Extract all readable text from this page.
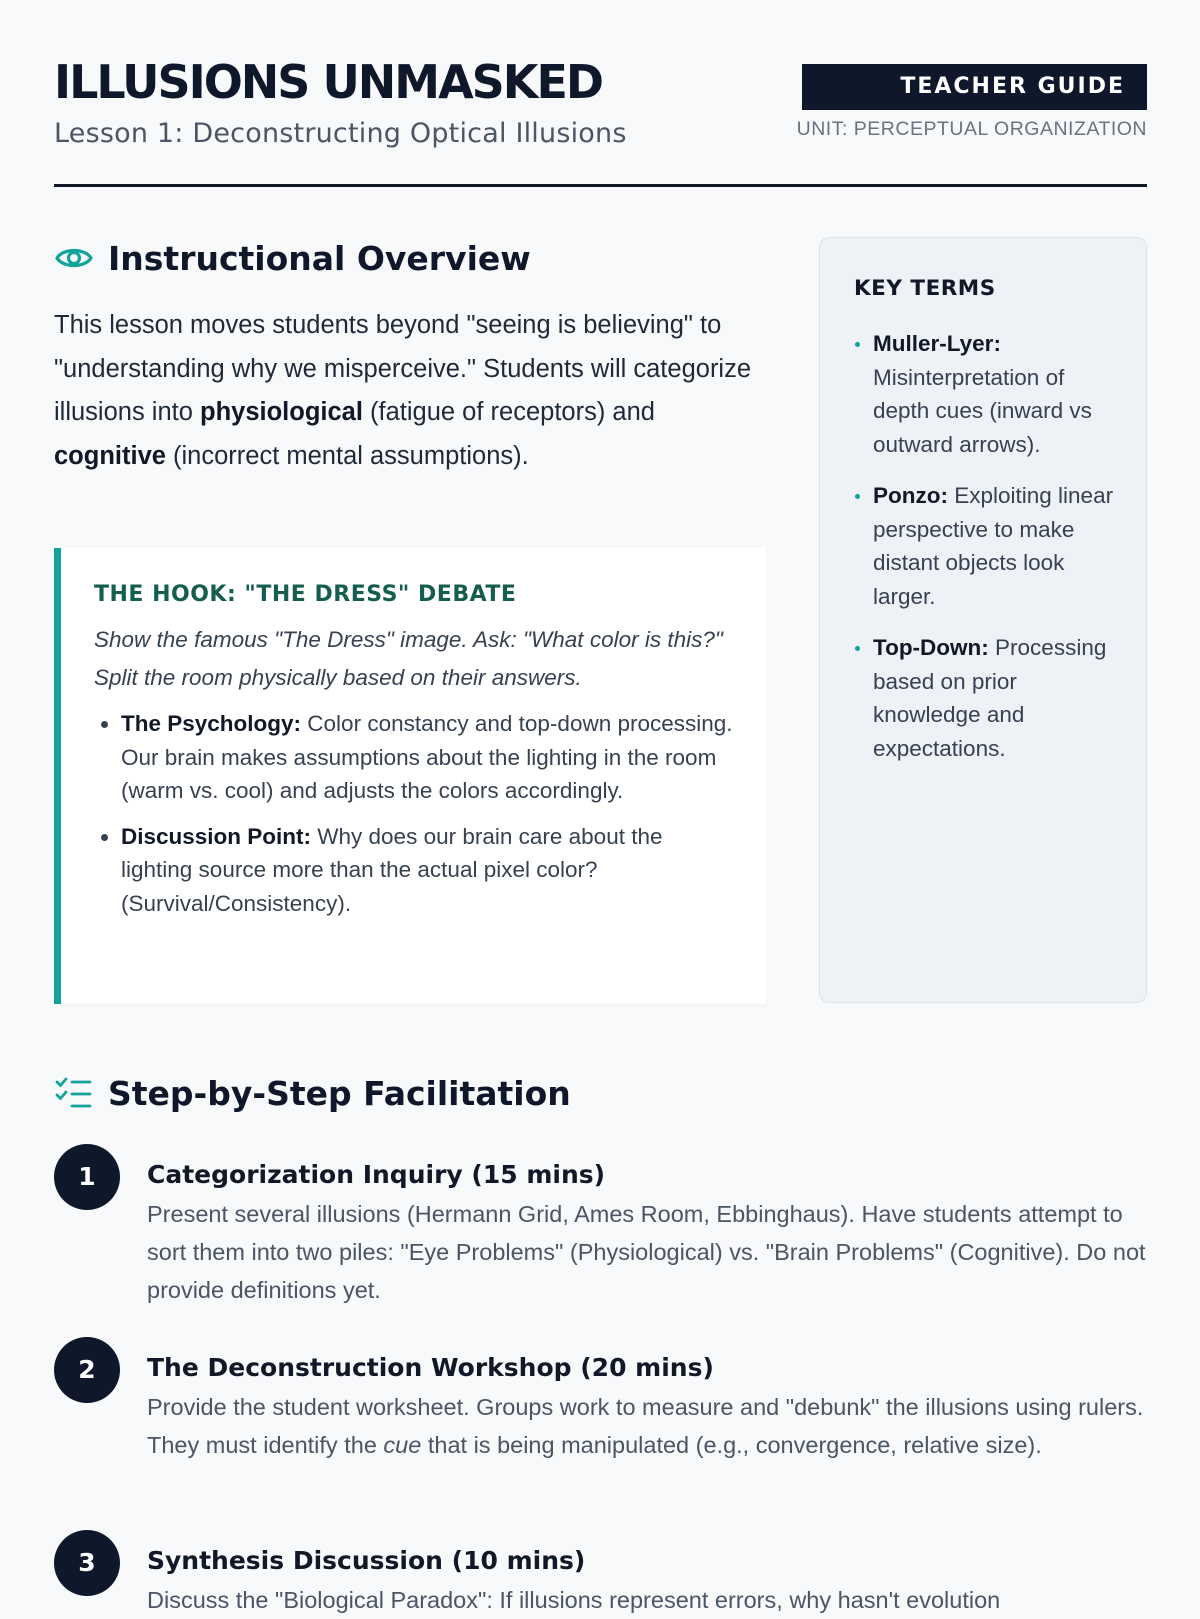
ILLUSIONS UNMASKED
Lesson 1: Deconstructing Optical Illusions
TEACHER GUIDE
UNIT: PERCEPTUAL ORGANIZATION
Instructional Overview

This lesson moves students beyond "seeing is believing" to "understanding why we misperceive." Students will categorize illusions into physiological (fatigue of receptors) and cognitive (incorrect mental assumptions).

THE HOOK: "THE DRESS" DEBATE

Show the famous "The Dress" image. Ask: "What color is this?" Split the room physically based on their answers.

• The Psychology: Color constancy and top-down processing. Our brain makes assumptions about the lighting in the room (warm vs. cool) and adjusts the colors accordingly.
• Discussion Point: Why does our brain care about the lighting source more than the actual pixel color? (Survival/Consistency).
KEY TERMS
Muller-Lyer: Misinterpretation of depth cues (inward vs outward arrows).
Ponzo: Exploiting linear perspective to make distant objects look larger.
Top-Down: Processing based on prior knowledge and expectations.
Step-by-Step Facilitation
1	Categorization Inquiry (15 mins)

Present several illusions (Hermann Grid, Ames Room, Ebbinghaus). Have students attempt to sort them into two piles: "Eye Problems" (Physiological) vs. "Brain Problems" (Cognitive). Do not provide definitions yet.

2	The Deconstruction Workshop (20 mins)

Provide the student worksheet. Groups work to measure and "debunk" the illusions using rulers. They must identify the cue that is being manipulated (e.g., convergence, relative size).

3	Synthesis Discussion (10 mins)

Discuss the "Biological Paradox": If illusions represent errors, why hasn't evolution
